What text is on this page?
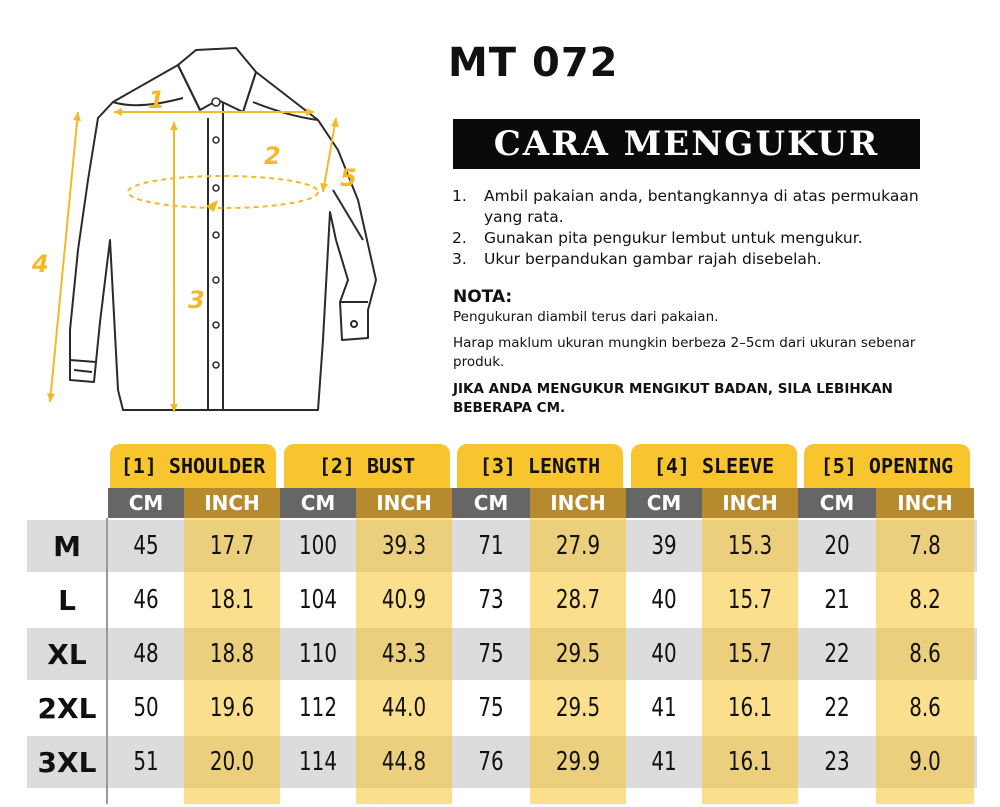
MT 072
CARA MENGUKUR
1.	Ambil pakaian anda, bentangkannya di atas permukaan yang rata.
2.	Gunakan pita pengukur lembut untuk mengukur.
3.	Ukur berpandukan gambar rajah disebelah.
NOTA:
Pengukuran diambil terus dari pakaian.
Harap maklum ukuran mungkin berbeza 2–5cm dari ukuran sebenar produk.
JIKA ANDA MENGUKUR MENGIKUT BADAN, SILA LEBIHKAN BEBERAPA CM.
1
2
3
4
5
[1] SHOULDER	[2] BUST	[3] LENGTH	[4] SLEEVE	[5] OPENING
CM	INCH	CM	INCH	CM	INCH	CM	INCH	CM	INCH
M	45	17.7	100	39.3	71	27.9	39	15.3	20	7.8
L	46	18.1	104	40.9	73	28.7	40	15.7	21	8.2
XL	48	18.8	110	43.3	75	29.5	40	15.7	22	8.6
2XL	50	19.6	112	44.0	75	29.5	41	16.1	22	8.6
3XL	51	20.0	114	44.8	76	29.9	41	16.1	23	9.0
